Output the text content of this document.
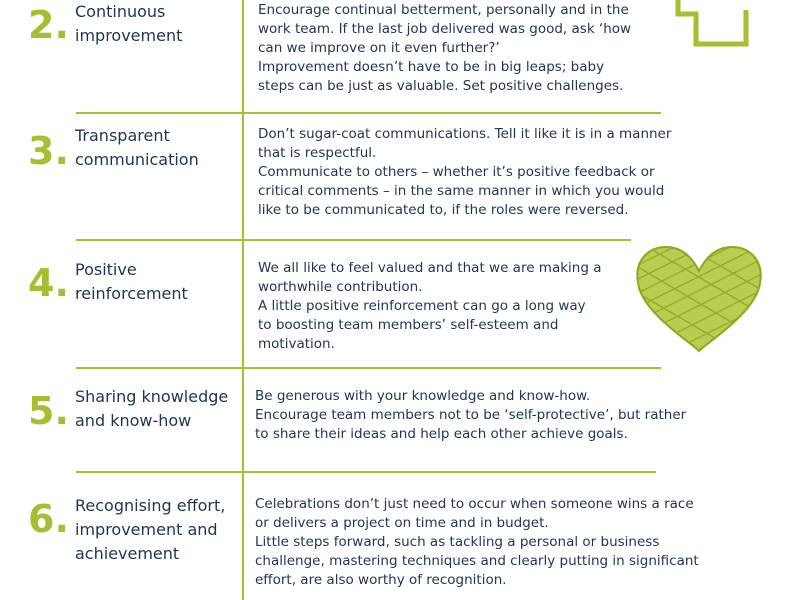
2. Continuous improvement

Encourage continual betterment, personally and in the work team. If the last job delivered was good, ask ‘how can we improve on it even further?’

Improvement doesn’t have to be in big leaps; baby steps can be just as valuable. Set positive challenges.

3. Transparent communication

Don’t sugar-coat communications. Tell it like it is in a manner that is respectful.

Communicate to others – whether it’s positive feedback or critical comments – in the same manner in which you would like to be communicated to, if the roles were reversed.

4. Positive reinforcement

We all like to feel valued and that we are making a worthwhile contribution.

A little positive reinforcement can go a long way to boosting team members’ self-esteem and motivation.

5. Sharing knowledge and know-how

Be generous with your knowledge and know-how.

Encourage team members not to be ‘self-protective’, but rather to share their ideas and help each other achieve goals.

6. Recognising effort, improvement and achievement

Celebrations don’t just need to occur when someone wins a race or delivers a project on time and in budget.

Little steps forward, such as tackling a personal or business challenge, mastering techniques and clearly putting in significant effort, are also worthy of recognition.
